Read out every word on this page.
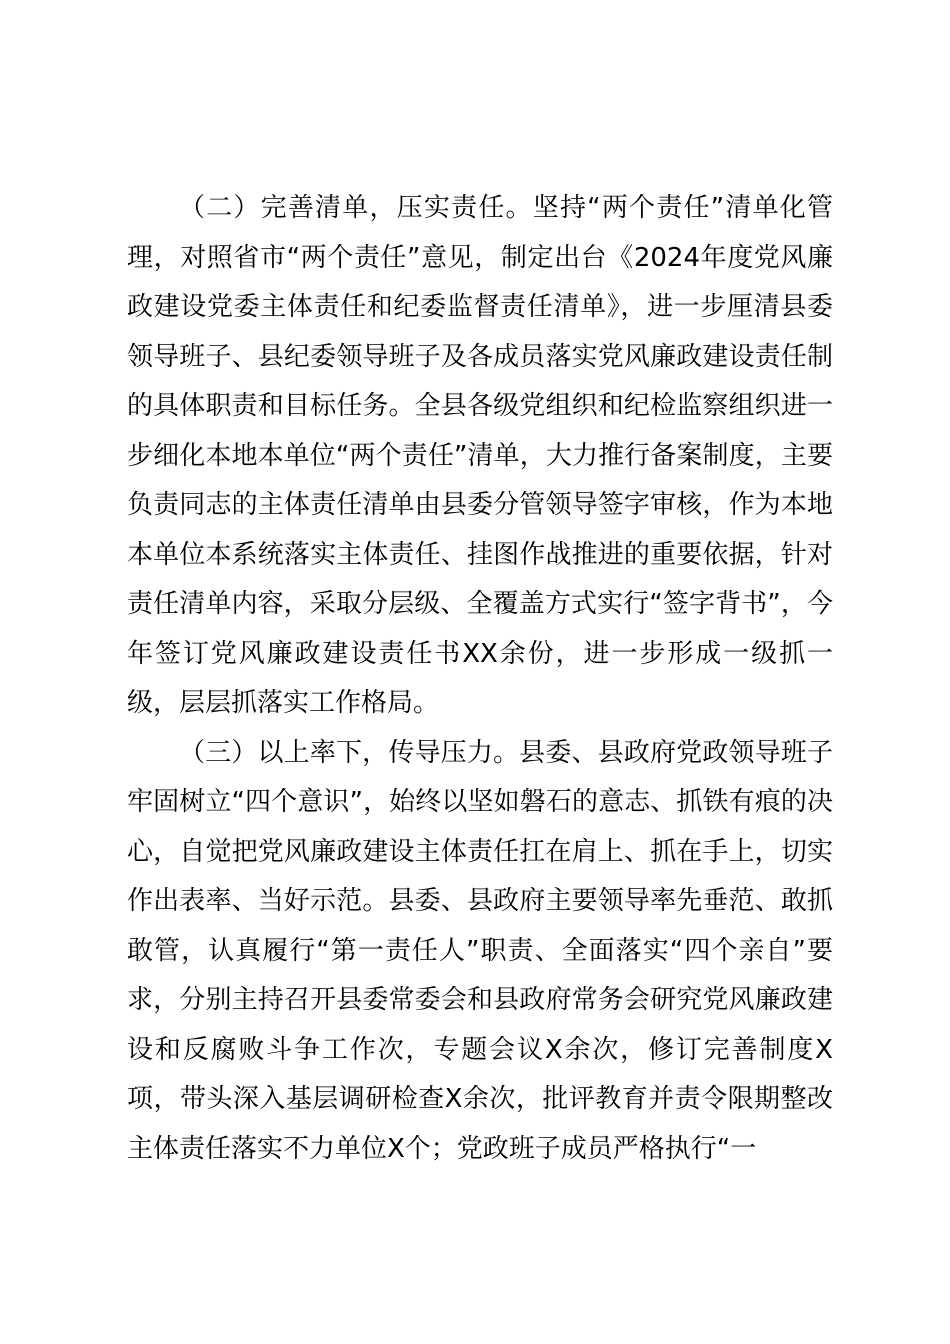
（二）完善清单，压实责任。坚持“两个责任”清单化管理，对照省市“两个责任”意见，制定出台《2024年度党风廉政建设党委主体责任和纪委监督责任清单》，进一步厘清县委领导班子、县纪委领导班子及各成员落实党风廉政建设责任制的具体职责和目标任务。全县各级党组织和纪检监察组织进一步细化本地本单位“两个责任”清单，大力推行备案制度，主要负责同志的主体责任清单由县委分管领导签字审核，作为本地本单位本系统落实主体责任、挂图作战推进的重要依据，针对责任清单内容，采取分层级、全覆盖方式实行“签字背书”，今年签订党风廉政建设责任书XX余份，进一步形成一级抓一级，层层抓落实工作格局。

（三）以上率下，传导压力。县委、县政府党政领导班子牢固树立“四个意识”，始终以坚如磐石的意志、抓铁有痕的决心，自觉把党风廉政建设主体责任扛在肩上、抓在手上，切实作出表率、当好示范。县委、县政府主要领导率先垂范、敢抓敢管，认真履行“第一责任人”职责、全面落实“四个亲自”要求，分别主持召开县委常委会和县政府常务会研究党风廉政建设和反腐败斗争工作次，专题会议X余次，修订完善制度X项，带头深入基层调研检查X余次，批评教育并责令限期整改主体责任落实不力单位X个；党政班子成员严格执行“一
